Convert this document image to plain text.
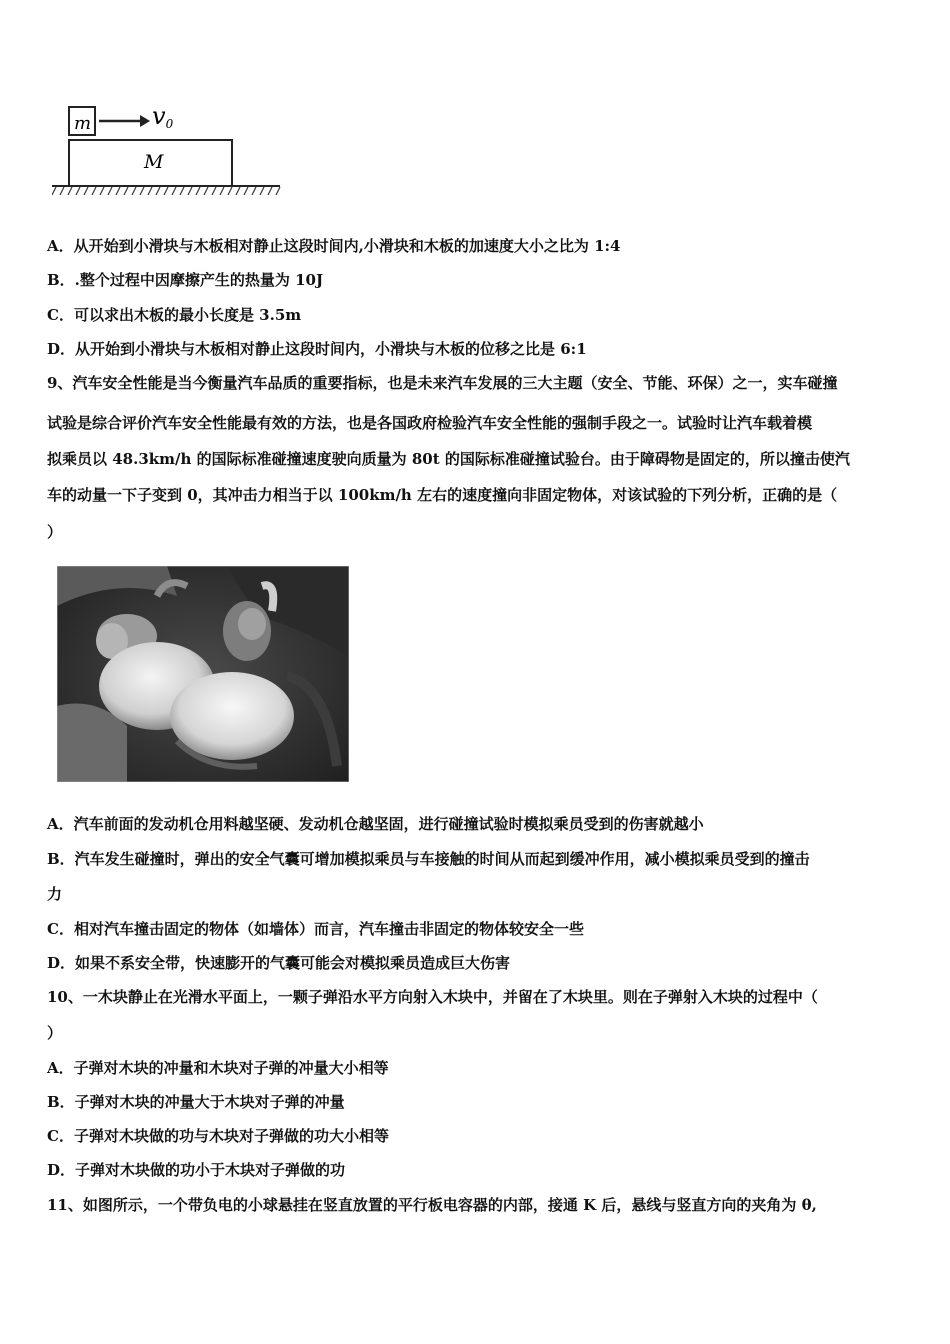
m	v0
M
A．从开始到小滑块与木板相对静止这段时间内,小滑块和木板的加速度大小之比为 1:4
B．.整个过程中因摩擦产生的热量为 10J
C．可以求出木板的最小长度是 3.5m
D．从开始到小滑块与木板相对静止这段时间内，小滑块与木板的位移之比是 6:1
9、汽车安全性能是当今衡量汽车品质的重要指标，也是未来汽车发展的三大主题（安全、节能、环保）之一，实车碰撞
试验是综合评价汽车安全性能最有效的方法，也是各国政府检验汽车安全性能的强制手段之一。试验时让汽车载着模
拟乘员以 48.3km/h 的国际标准碰撞速度驶向质量为 80t 的国际标准碰撞试验台。由于障碍物是固定的，所以撞击使汽
车的动量一下子变到 0，其冲击力相当于以 100km/h 左右的速度撞向非固定物体，对该试验的下列分析，正确的是（
）
A．汽车前面的发动机仓用料越坚硬、发动机仓越坚固，进行碰撞试验时模拟乘员受到的伤害就越小
B．汽车发生碰撞时，弹出的安全气囊可增加模拟乘员与车接触的时间从而起到缓冲作用，减小模拟乘员受到的撞击
力
C．相对汽车撞击固定的物体（如墙体）而言，汽车撞击非固定的物体较安全一些
D．如果不系安全带，快速膨开的气囊可能会对模拟乘员造成巨大伤害
10、一木块静止在光滑水平面上，一颗子弹沿水平方向射入木块中，并留在了木块里。则在子弹射入木块的过程中（
）
A．子弹对木块的冲量和木块对子弹的冲量大小相等
B．子弹对木块的冲量大于木块对子弹的冲量
C．子弹对木块做的功与木块对子弹做的功大小相等
D．子弹对木块做的功小于木块对子弹做的功
11、如图所示，一个带负电的小球悬挂在竖直放置的平行板电容器的内部，接通 K 后，悬线与竖直方向的夹角为 θ,
